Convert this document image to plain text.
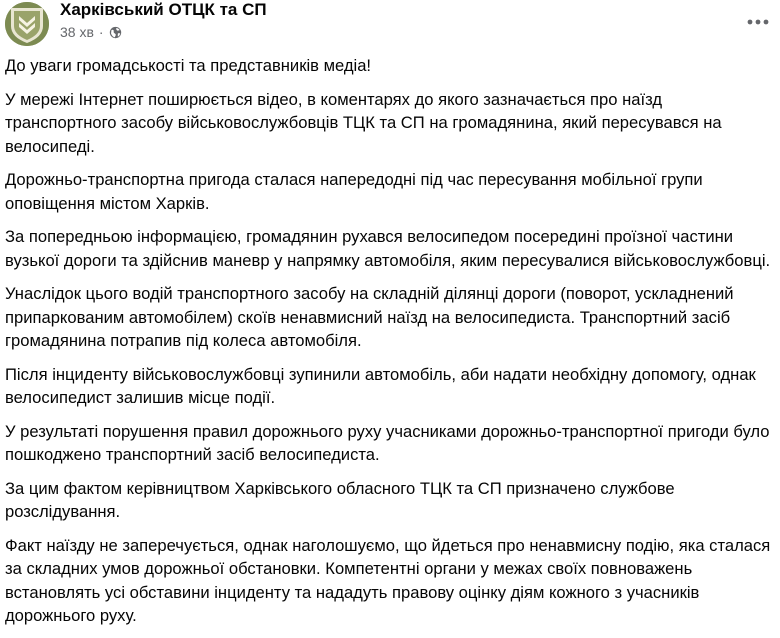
Харківський ОТЦК та СП
38 хв ·

До уваги громадськості та представників медіа!

У мережі Інтернет поширюється відео, в коментарях до якого зазначається про наїзд транспортного засобу військовослужбовців ТЦК та СП на громадянина, який пересувався на велосипеді.

Дорожньо-транспортна пригода сталася напередодні під час пересування мобільної групи оповіщення містом Харків.

За попередньою інформацією, громадянин рухався велосипедом посередині проїзної частини вузької дороги та здійснив маневр у напрямку автомобіля, яким пересувалися військовослужбовці.

Унаслідок цього водій транспортного засобу на складній ділянці дороги (поворот, ускладнений припаркованим автомобілем) скоїв ненавмисний наїзд на велосипедиста. Транспортний засіб громадянина потрапив під колеса автомобіля.

Після інциденту військовослужбовці зупинили автомобіль, аби надати необхідну допомогу, однак велосипедист залишив місце події.

У результаті порушення правил дорожнього руху учасниками дорожньо-транспортної пригоди було пошкоджено транспортний засіб велосипедиста.

За цим фактом керівництвом Харківського обласного ТЦК та СП призначено службове розслідування.

Факт наїзду не заперечується, однак наголошуємо, що йдеться про ненавмисну подію, яка сталася за складних умов дорожньої обстановки. Компетентні органи у межах своїх повноважень встановлять усі обставини інциденту та нададуть правову оцінку діям кожного з учасників дорожнього руху.
